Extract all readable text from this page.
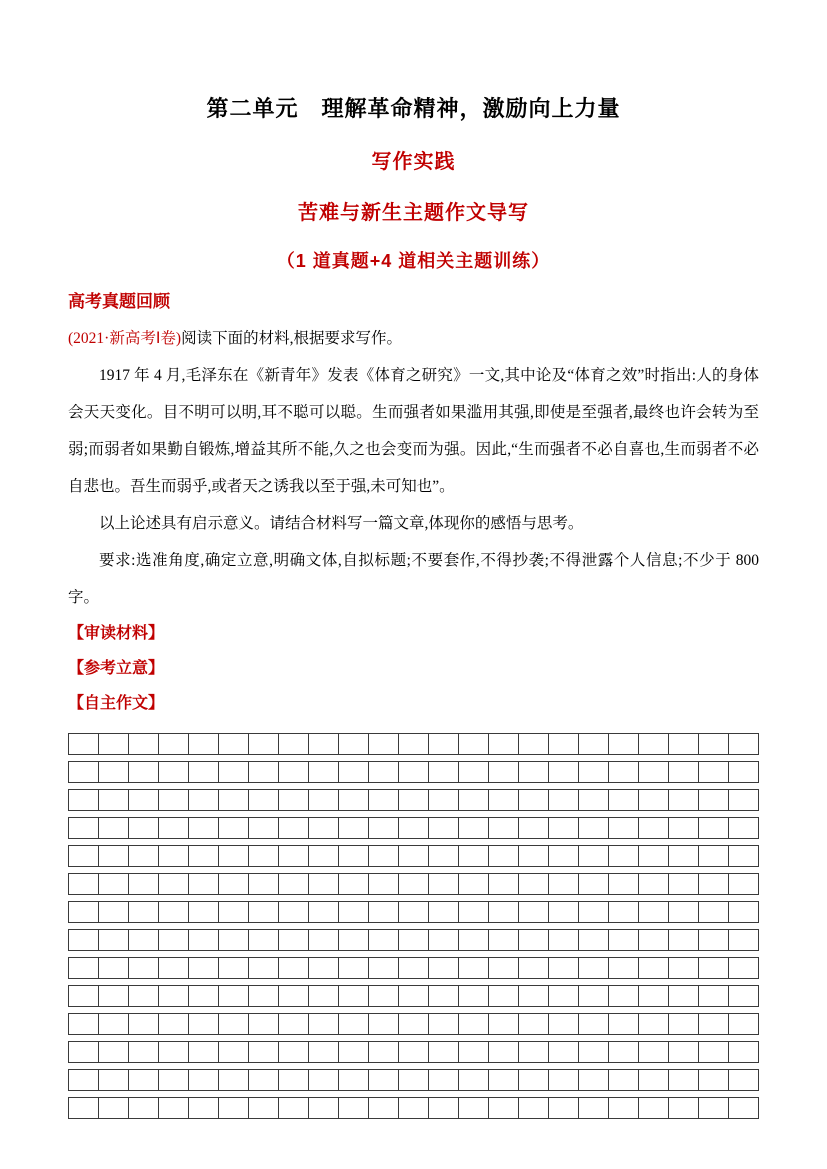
第二单元　理解革命精神，激励向上力量
写作实践
苦难与新生主题作文导写
（1 道真题+4 道相关主题训练）
高考真题回顾

(2021·新高考Ⅰ卷)阅读下面的材料,根据要求写作。

1917 年 4 月,毛泽东在《新青年》发表《体育之研究》一文,其中论及“体育之效”时指出:人的身体会天天变化。目不明可以明,耳不聪可以聪。生而强者如果滥用其强,即使是至强者,最终也许会转为至弱;而弱者如果勤自锻炼,增益其所不能,久之也会变而为强。因此,“生而强者不必自喜也,生而弱者不必自悲也。吾生而弱乎,或者天之诱我以至于强,未可知也”。

以上论述具有启示意义。请结合材料写一篇文章,体现你的感悟与思考。

要求:选准角度,确定立意,明确文体,自拟标题;不要套作,不得抄袭;不得泄露个人信息;不少于 800 字。

【审读材料】
【参考立意】
【自主作文】
